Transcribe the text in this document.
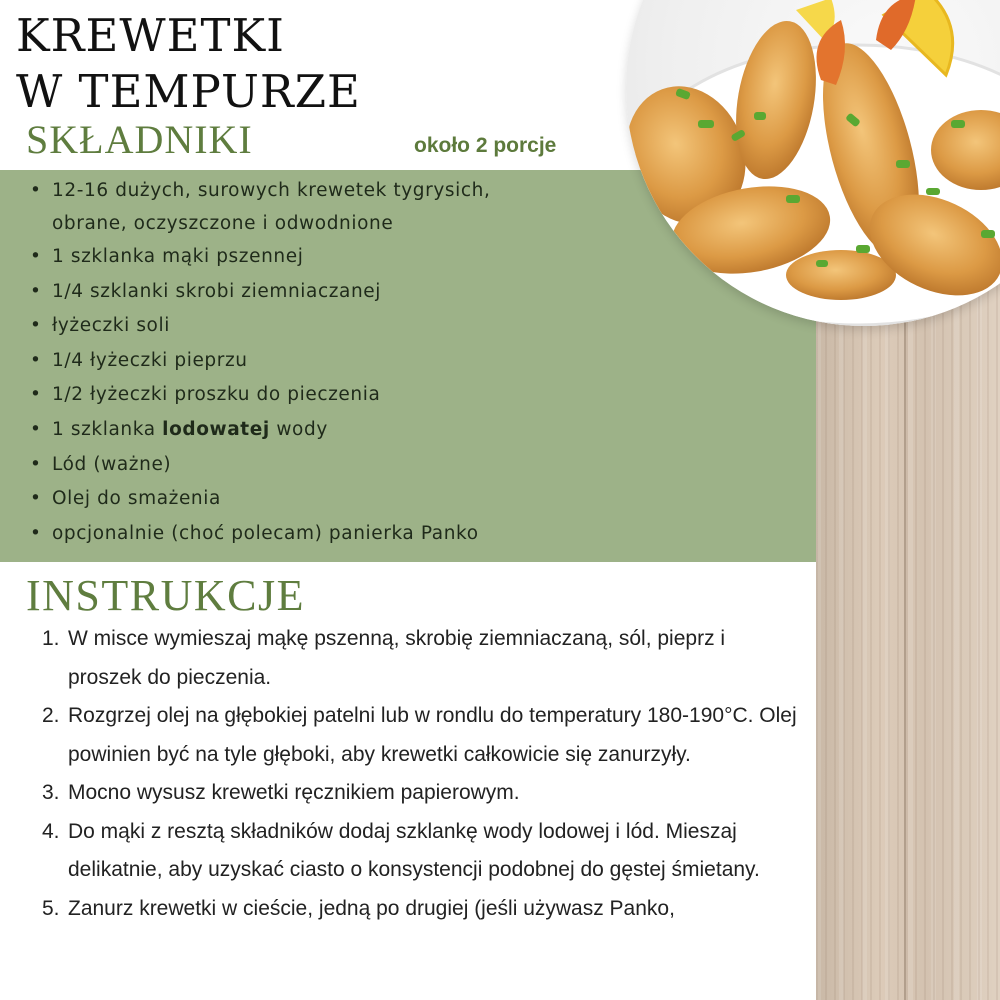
KREWETKI
W TEMPURZE
SKŁADNIKI	około 2 porcje
• 12-16 dużych, surowych krewetek tygrysich,
obrane, oczyszczone i odwodnione
• 1 szklanka mąki pszennej
• 1/4 szklanki skrobi ziemniaczanej
• łyżeczki soli
• 1/4 łyżeczki pieprzu
• 1/2 łyżeczki proszku do pieczenia
• 1 szklanka lodowatej wody
• Lód (ważne)
• Olej do smażenia
• opcjonalnie (choć polecam) panierka Panko
INSTRUKCJE
1. W misce wymieszaj mąkę pszenną, skrobię ziemniaczaną, sól, pieprz i proszek do pieczenia.
2. Rozgrzej olej na głębokiej patelni lub w rondlu do temperatury 180-190°C. Olej powinien być na tyle głęboki, aby krewetki całkowicie się zanurzyły.
3. Mocno wysusz krewetki ręcznikiem papierowym.
4. Do mąki z resztą składników dodaj szklankę wody lodowej i lód. Mieszaj delikatnie, aby uzyskać ciasto o konsystencji podobnej do gęstej śmietany.
5. Zanurz krewetki w cieście, jedną po drugiej (jeśli używasz Panko,
